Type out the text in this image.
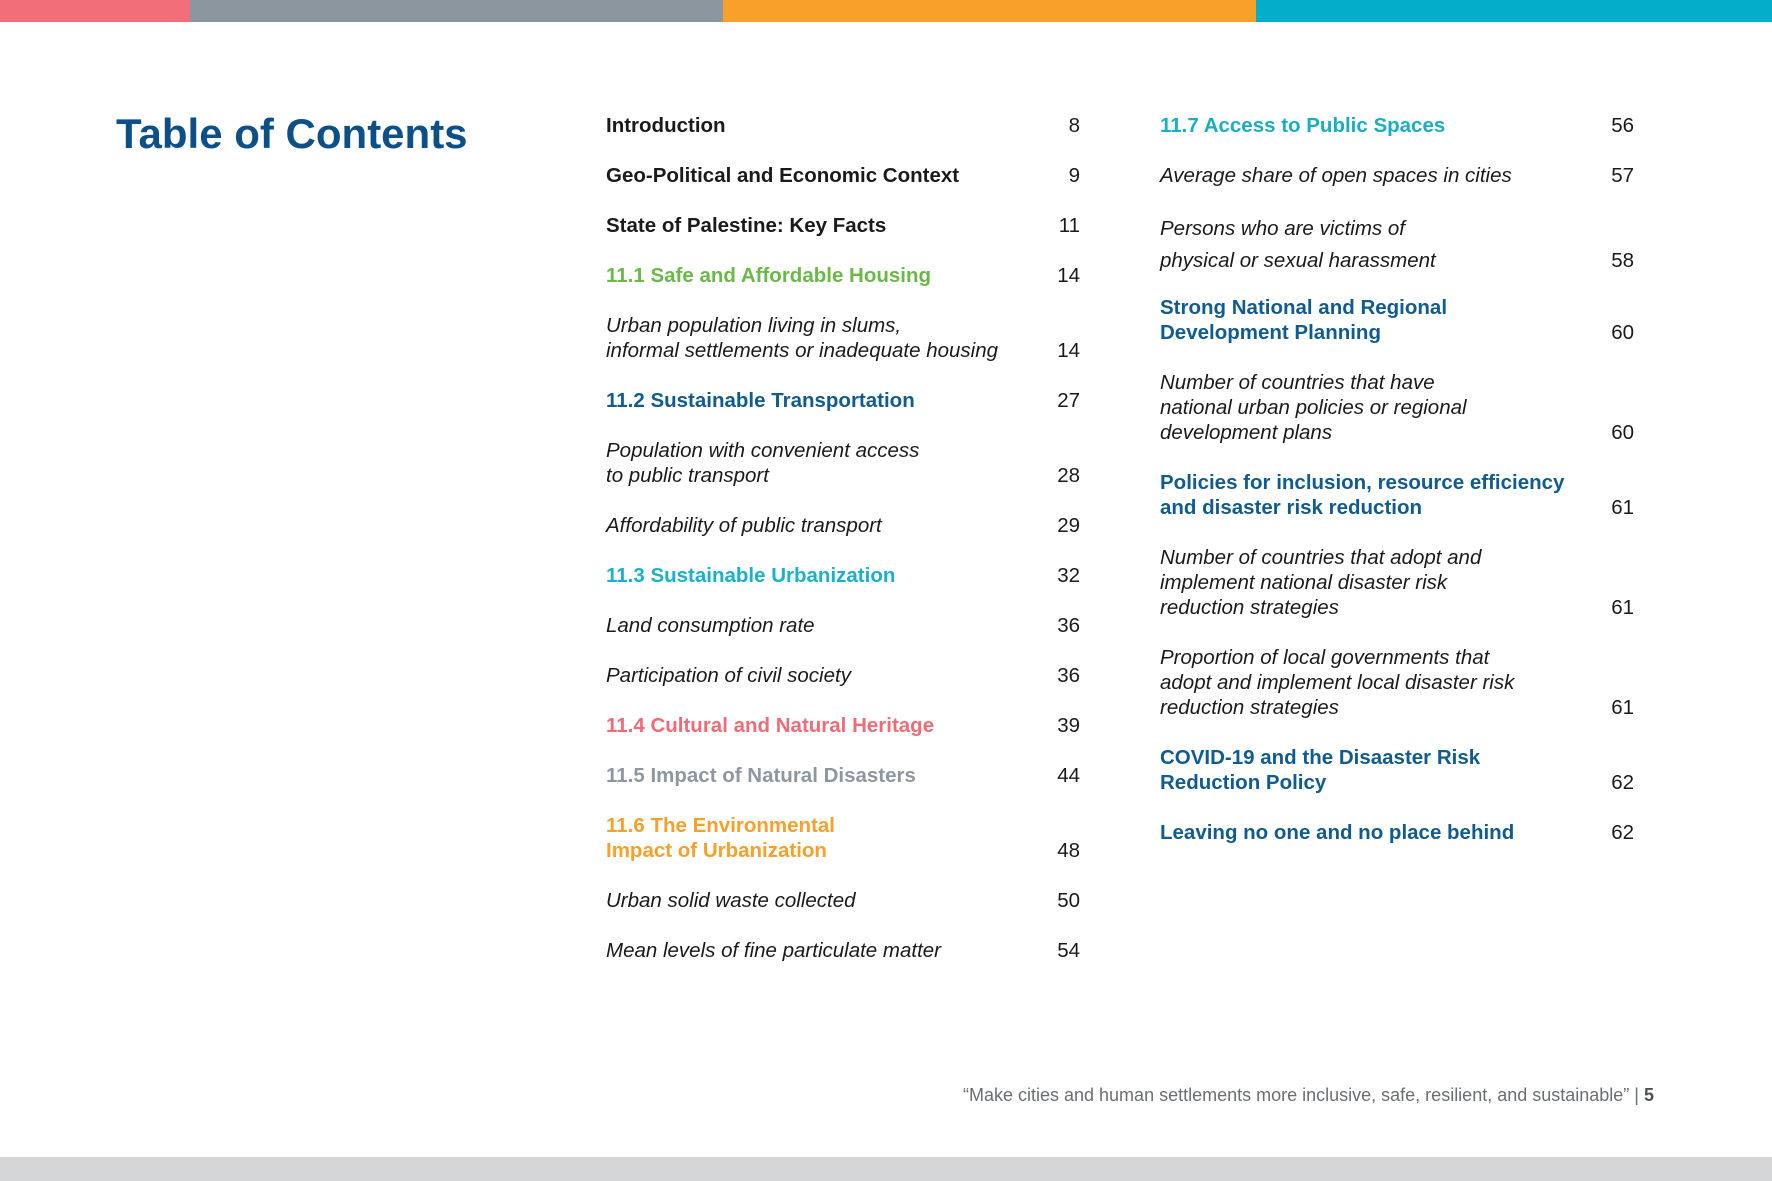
Table of Contents	Introduction	8
Geo-Political and Economic Context	9
State of Palestine: Key Facts	11
11.1 Safe and Affordable Housing	14
Urban population living in slums,
informal settlements or inadequate housing	14
11.2 Sustainable Transportation	27
Population with convenient access
to public transport	28
Affordability of public transport	29
11.3 Sustainable Urbanization	32
Land consumption rate	36
Participation of civil society	36
11.4 Cultural and Natural Heritage	39
11.5 Impact of Natural Disasters	44
11.6 The Environmental
Impact of Urbanization	48
Urban solid waste collected	50
Mean levels of fine particulate matter	54
11.7 Access to Public Spaces	56
Average share of open spaces in cities	57
Persons who are victims of
physical or sexual harassment	58
Strong National and Regional
Development Planning	60
Number of countries that have
national urban policies or regional
development plans	60
Policies for inclusion, resource efficiency
and disaster risk reduction	61
Number of countries that adopt and
implement national disaster risk
reduction strategies	61
Proportion of local governments that
adopt and implement local disaster risk
reduction strategies	61
COVID-19 and the Disaaster Risk
Reduction Policy	62
Leaving no one and no place behind	62
“Make cities and human settlements more inclusive, safe, resilient, and sustainable” | 5
